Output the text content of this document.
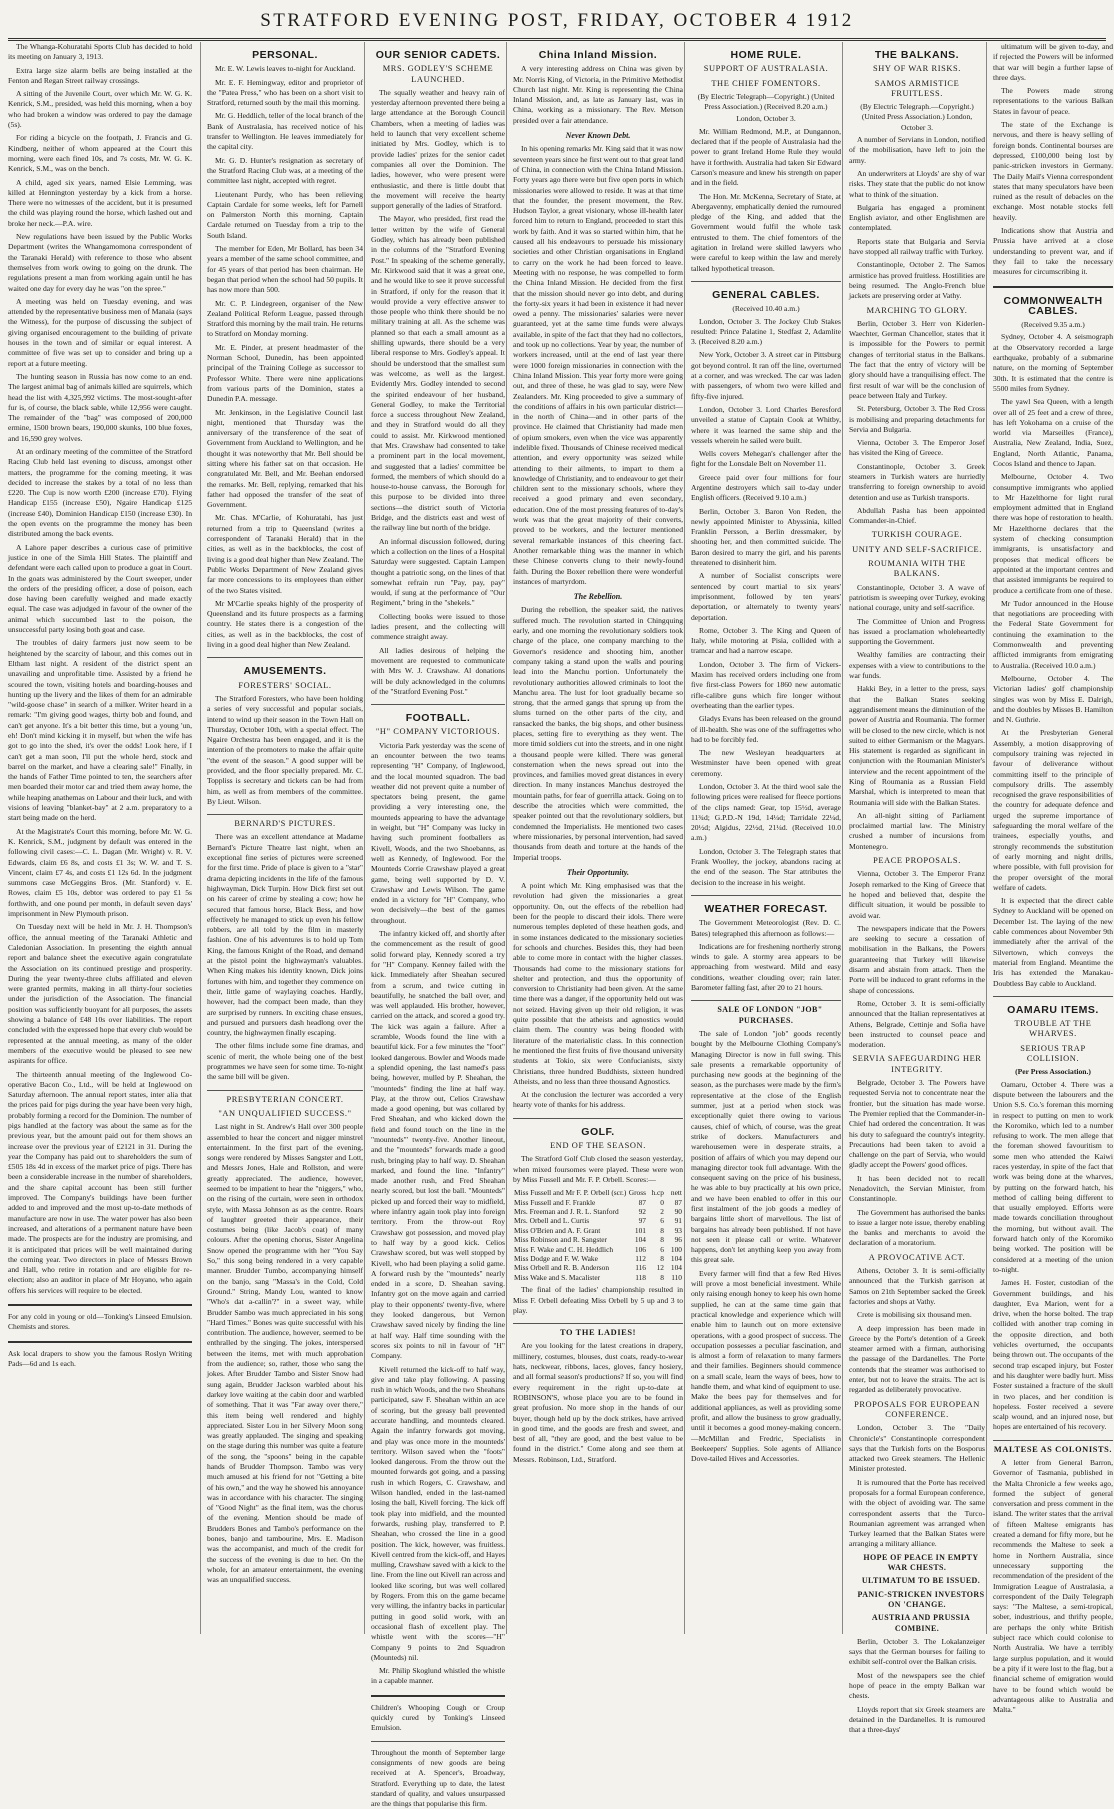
STRATFORD EVENING POST, FRIDAY, OCTOBER 4 1912

The Whanga-Kohuratahi Sports Club has decided to hold its meeting on January 3, 1913.

Extra large size alarm bells are being installed at the Fenton and Regan Street railway crossings.

A sitting of the Juvenile Court, over which Mr. W. G. K. Kenrick, S.M., presided, was held this morning, when a boy who had broken a window was ordered to pay the damage (5s).

For riding a bicycle on the footpath, J. Francis and G. Kindberg, neither of whom appeared at the Court this morning, were each fined 10s, and 7s costs, Mr. W. G. K. Kenrick, S.M., was on the bench.

A child, aged six years, named Elsie Lemming, was killed at Hennington yesterday by a kick from a horse. There were no witnesses of the accident, but it is presumed the child was playing round the horse, which lashed out and broke her neck.—P.A. wire.

New regulations have been issued by the Public Works Department (writes the Whangamomona correspondent of the Taranaki Herald) with reference to those who absent themselves from work owing to going on the drunk. The regulations present a man from working again until he has waited one day for every day he was "on the spree."

A meeting was held on Tuesday evening, and was attended by the representative business men of Manaia (says the Witness), for the purpose of discussing the subject of giving organised encouragement to the building of private houses in the town and of similar or equal interest. A committee of five was set up to consider and bring up a report at a future meeting.

The hunting season in Russia has now come to an end. The largest animal bag of animals killed are squirrels, which head the list with 4,325,992 victims. The most-sought-after fur is, of course, the black sable, while 12,956 were caught. The remainder of the "bag" was composed of 200,000 ermine, 1500 brown bears, 190,000 skunks, 100 blue foxes, and 16,590 grey wolves.

At an ordinary meeting of the committee of the Stratford Racing Club held last evening to discuss, amongst other matters, the programme for the coming meeting, it was decided to increase the stakes by a total of no less than £220. The Cup is now worth £200 (increase £70). Flying Handicap £155 (increase £50), Ngaire Handicap £125 (increase £40), Dominion Handicap £150 (increase £30). In the open events on the programme the money has been distributed among the back events.

A Lahore paper describes a curious case of primitive justice in one of the Simla Hill States. The plaintiff and defendant were each called upon to produce a goat in Court. In the goats was administered by the Court sweeper, under the orders of the presiding officer, a dose of poison, each dose having been carefully weighed and made exactly equal. The case was adjudged in favour of the owner of the animal which succumbed last to the poison, the unsuccessful party losing both goat and case.

The troubles of dairy farmers just now seem to be heightened by the scarcity of labour, and this comes out in Eltham last night. A resident of the district spent an unavailing and unprofitable time. Assisted by a friend he scoured the town, visiting hotels and boarding-houses and hunting up the livery and the likes of them for an admirable "wild-goose chase" in search of a milker. Writer heard in a remark: "I'm giving good wages, thirty bob and found, and can't get anyone. It's a bit better this time, but a young 'un, eh! Don't mind kicking it in myself, but when the wife has got to go into the shed, it's over the odds! Look here, if I can't get a man soon, I'll put the whole herd, stock and barrel on the market, and have a clearing sale!" Finally, in the hands of Father Time pointed to ten, the searchers after men boarded their motor car and tried them away home, the while heaping anathemas on Labour and their luck, and with visions of leaving "blanket-bay" at 2 a.m. preparatory to a start being made on the herd.

At the Magistrate's Court this morning, before Mr. W. G. K. Kenrick, S.M., judgment by default was entered in the following civil cases:—C. L. Dagan (Mr. Wright) v. R. V. Edwards, claim £6 8s, and costs £1 3s; W. W. and T. S. Vincent, claim £7 4s, and costs £1 12s 6d. In the judgment summons case McGeggins Bros. (Mr. Stanford) v. E. Rowes, claim £5 10s, debtor was ordered to pay £1 5s forthwith, and one pound per month, in default seven days' imprisonment in New Plymouth prison.

On Tuesday next will be held in Mr. J. H. Thompson's office, the annual meeting of the Taranaki Athletic and Caledonian Association. In presenting the eighth annual report and balance sheet the executive again congratulate the Association on its continued prestige and prosperity. During the year twenty-three clubs affiliated and eleven were granted permits, making in all thirty-four societies under the jurisdiction of the Association. The financial position was sufficiently buoyant for all purposes, the assets showing a balance of £48 10s over liabilities. The report concluded with the expressed hope that every club would be represented at the annual meeting, as many of the older members of the executive would be pleased to see new aspirants for office.

The thirteenth annual meeting of the Inglewood Co-operative Bacon Co., Ltd., will be held at Inglewood on Saturday afternoon. The annual report states, inter alia that the prices paid for pigs during the year have been very high, probably forming a record for the Dominion. The number of pigs handled at the factory was about the same as for the previous year, but the amount paid out for them shows an increase over the previous year of £2121 in 31. During the year the Company has paid out to shareholders the sum of £505 18s 4d in excess of the market price of pigs. There has been a considerable increase in the number of shareholders, and the share capital account has been still further improved. The Company's buildings have been further added to and improved and the most up-to-date methods of manufacture are now in use. The water power has also been increased, and alterations of a permanent nature have been made. The prospects are for the industry are promising, and it is anticipated that prices will be well maintained during the coming year. Two directors in place of Messrs Brown and Hall, who retire in rotation and are eligible for re-election; also an auditor in place of Mr Hoyano, who again offers his services will require to be elected.

For any cold in young or old—Tonking's Linseed Emulsion. Chemists and stores.

Ask local drapers to show you the famous Roslyn Writing Pads—6d and 1s each.

PERSONAL.

Mr. E. W. Lewis leaves to-night for Auckland.

Mr. E. F. Hemingway, editor and proprietor of the "Patea Press," who has been on a short visit to Stratford, returned south by the mail this morning.

Mr. G. Heddlich, teller of the local branch of the Bank of Australasia, has received notice of his transfer to Wellington. He leaves immediately for the capital city.

Mr. G. D. Hunter's resignation as secretary of the Stratford Racing Club was, at a meeting of the committee last night, accepted with regret.

Lieutenant Purdy, who has been relieving Captain Cardale for some weeks, left for Parnell on Palmerston North this morning. Captain Cardale returned on Tuesday from a trip to the South Island.

The member for Eden, Mr Bollard, has been 34 years a member of the same school committee, and for 45 years of that period has been chairman. He began that period when the school had 50 pupils. It has now more than 500.

Mr. C. P. Lindegreen, organiser of the New Zealand Political Reform League, passed through Stratford this morning by the mail train. He returns to Stratford on Monday morning.

Mr. E. Pinder, at present headmaster of the Norman School, Dunedin, has been appointed principal of the Training College as successor to Professor White. There were nine applications from various parts of the Dominion, states a Dunedin P.A. message.

Mr. Jenkinson, in the Legislative Council last night, mentioned that Thursday was the anniversary of the transference of the seat of Government from Auckland to Wellington, and he thought it was noteworthy that Mr. Bell should be sitting where his father sat on that occasion. He congratulated Mr. Bell, and Mr. Beehan endorsed the remarks. Mr. Bell, replying, remarked that his father had opposed the transfer of the seat of Government.

Mr. Chas. M'Carlie, of Kohuratahi, has just returned from a trip to Queensland (writes a correspondent of Taranaki Herald) that in the cities, as well as in the backblocks, the cost of living is a good deal higher than New Zealand. The Public Works Department of New Zealand gives far more concessions to its employees than either of the two States visited.

Mr M'Carlie speaks highly of the prosperity of Queensland and its future prospects as a farming country. He states there is a congestion of the cities, as well as in the backblocks, the cost of living in a good deal higher than New Zealand.

AMUSEMENTS.
FORESTERS' SOCIAL.

The Stratford Foresters, who have been holding a series of very successful and popular socials, intend to wind up their season in the Town Hall on Thursday, October 10th, with a special effect. The Ngaire Orchestra has been engaged, and it is the intention of the promoters to make the affair quite "the event of the season." A good supper will be provided, and the floor specially prepared. Mr. C. Toppliss is secretary and tickets can be had from him, as well as from members of the committee. By Lieut. Wilson.

BERNARD'S PICTURES.

There was an excellent attendance at Madame Bernard's Picture Theatre last night, when an exceptional fine series of pictures were screened for the first time. Pride of place is given to a "star" drama depicting incidents in the life of the famous highwayman, Dick Turpin. How Dick first set out on his career of crime by stealing a cow; how he secured that famous horse, Black Bess, and how effectively he managed to stick up even his fellow robbers, are all told by the film in masterly fashion. One of his adventures is to hold up Tom King, the famous Knight of the Road, and demand at the pistol point the highwayman's valuables. When King makes his identity known, Dick joins fortunes with him, and together they commence on their, little game of waylaying coaches. Hardly, however, had the compact been made, than they are surprised by runners. In exciting chase ensues, and pursued and pursuers dash headlong over the country, the highwaymen finally escaping.

The other films include some fine dramas, and scenic of merit, the whole being one of the best programmes we have seen for some time. To-night the same bill will be given.

PRESBYTERIAN CONCERT.
"AN UNQUALIFIED SUCCESS."

Last night in St. Andrew's Hall over 300 people assembled to hear the concert and nigger minstrel entertainment. In the first part of the evening, songs were rendered by Misses Sangster and Lott, and Messrs Jones, Hale and Rollston, and were greatly appreciated. The audience, however, seemed to be impatient to hear the "niggers," who, on the rising of the curtain, were seen in orthodox style, with Massa Johnson as as the centre. Roars of laughter greeted their appearance, their costumes being (like Jacob's coat) of many colours. After the opening chorus, Sister Angelina Snow opened the programme with her "You Say So," this song being rendered in a very capable manner. Brudder Tumbo, accompanying himself on the banjo, sang "Massa's in the Cold, Cold Ground." String, Mandy Lou, wanted to know "Who's dat a-callin'?" in a sweet way, while Brudder Sambo was much appreciated in his song "Hard Times." Bones was quite successful with his contribution. The audience, however, seemed to be enthralled by the singing. The jokes, interspersed between the items, met with much approbation from the audience; so, rather, those who sang the jokes. After Brudder Tambo and Sister Snow had sung again, Brudder Jackson warbled about his darkey love waiting at the cabin door and warbled of something. That it was "Far away over there," this item being well rendered and highly appreciated. Sister Lou in her Silvery Moon song was greatly applauded. The singing and speaking on the stage during this number was quite a feature of the song, the "spoons" being in the capable hands of Brudder Thompson. Tambo was very much amused at his friend for not "Getting a bite of his own," and the way he showed his annoyance was in accordance with his character. The singing of "Good Night" as the final item, was the chorus of the evening. Mention should be made of Brudders Bones and Tambo's performance on the bones, banjo and tambourine, Mrs. E. Madison was the accompanist, and much of the credit for the success of the evening is due to her. On the whole, for an amateur entertainment, the evening was an unqualified success.

OUR SENIOR CADETS.
MRS. GODLEY'S SCHEME LAUNCHED.

The squally weather and heavy rain of yesterday afternoon prevented there being a large attendance at the Borough Council Chambers, when a meeting of ladies was held to launch that very excellent scheme initiated by Mrs. Godley, which is to provide ladies' prizes for the senior cadet companies all over the Dominion. The ladies, however, who were present were enthusiastic, and there is little doubt that the movement will receive the hearty support generally of the ladies of Stratford.

The Mayor, who presided, first read the letter written by the wife of General Godley, which has already been published in the columns of the "Stratford Evening Post." In speaking of the scheme generally, Mr. Kirkwood said that it was a great one, and he would like to see it prove successful in Stratford, if only for the reason that it would provide a very effective answer to those people who think there should be no military training at all. As the scheme was planned so that each a small amount as a shilling upwards, there should be a very liberal response to Mrs. Godley's appeal. It should be understood that the smallest sum was welcome, as well as the largest. Evidently Mrs. Godley intended to second the spirited endeavour of her husband, General Godley, to make the Territorial force a success throughout New Zealand, and they in Stratford would do all they could to assist. Mr. Kirkwood mentioned that Mrs. Crawshaw had consented to take a prominent part in the local movement, and suggested that a ladies' committee be formed, the members of which should do a house-to-house canvass, the Borough for this purpose to be divided into three sections—the district south of Victoria Bridge, and the districts east and west of the railway line but north of the bridge.

An informal discussion followed, during which a collection on the lines of a Hospital Saturday were suggested. Captain Lampen thought a patriotic song, on the lines of that somewhat refrain run "Pay, pay, pay" would, if sung at the performance of "Our Regiment," bring in the "shekels."

Collecting books were issued to those ladies present, and the collecting will commence straight away.

All ladies desirous of helping the movement are requested to communicate with Mrs W. J. Crawshaw. Al donations will be duly acknowledged in the columns of the "Stratford Evening Post."

FOOTBALL.
"H" COMPANY VICTORIOUS.

Victoria Park yesterday was the scene of an encounter between the two teams representing "H" Company, of Inglewood, and the local mounted squadron. The bad weather did not prevent quite a number of spectators being present, the game providing a very interesting one, the mounteds appearing to have the advantage in weight, but "H" Company was lucky in having such prominent footballers as Kivell, Woods, and the two Shoebanns, as well as Kennedy, of Inglewood. For the Mounteds Corrie Crawshaw played a great game, being well supported by D. V. Crawshaw and Lewis Wilson. The game ended in a victory for "H" Company, who won decisively—the best of the games throughout.

The infantry kicked off, and shortly after the commencement as the result of good solid forward play, Kennedy scored a try for "H" Company. Kenney failed with the kick. Immediately after Sheahan secured from a scrum, and twice cutting in beautifully, he snatched the ball over, and was well applauded. His brother, however, carried on the attack, and scored a good try. The kick was again a failure. After a scramble, Woods found the line with a beautiful kick. For a few minutes the "foot" looked dangerous. Bowler and Woods made a splendid opening, the last named's pass being, however, mulled by P. Sheahan, the "mounteds" finding the line at half way. Play, at the throw out, Celios Crawshaw made a good opening, but was collared by Fred Sheahan, and who kicked down the field and found touch on the line in the "mounteds'" twenty-five. Another lineout, and the "mounteds" forwards made a good rush, bringing play to half way. D. Sheahan marked, and found the line. "Infantry" made another rush, and Fred Sheahan nearly scored, but lost the ball. "Mounteds" picked up and forced their way to midfield, where infantry again took play into foreign territory. From the throw-out Roy Crawshaw got possession, and moved play to half way by a good kick. Celios Crawshaw scored, but was well stopped by Kivell, who had been playing a solid game. A forward rush by the "mounteds" nearly ended in a score, D. Sheahan saving. Infantry got on the move again and carried play to their opponents' twenty-five, where they looked dangerous, but Vernon Crawshaw saved nicely by finding the line at half way. Half time sounding with the scores six points to nil in favour of "H" Company.

Kivell returned the kick-off to half way, give and take play following. A passing rush in which Woods, and the two Sheahans participated, saw F. Sheahan within an ace of scoring, but the greasy ball prevented accurate handling, and mounteds cleared. Again the infantry forwards got moving, and play was once more in the mounteds' territory. Wilson saved when the "foots" looked dangerous. From the throw out the mounted forwards got going, and a passing rush in which Rogers, C. Crawshaw, and Wilson handled, ended in the last-named losing the ball, Kivell forcing. The kick off took play into midfield, and the mounted forwards, rushing play, transferred to P. Sheahan, who crossed the line in a good position. The kick, however, was fruitless. Kivell centred from the kick-off, and Hayes mulling, Crawshaw saved with a kick to the line. From the line out Kivell ran across and looked like scoring, but was well collared by Rogers. From this on the game became very willing, the infantry backs in particular putting in good solid work, with an occasional flash of excellent play. The whistle went with the scores—"H" Company 9 points to 2nd Squadron (Mounteds) nil.

Mr. Philip Skoglund whistled the whistle in a capable manner.

Children's Whooping Cough or Croup quickly cured by Tonking's Linseed Emulsion.

Throughout the month of September large consignments of new goods are being received at A. Spencer's, Broadway, Stratford. Everything up to date, the latest standard of quality, and values unsurpassed are the things that popularise this firm.

China Inland Mission.

A very interesting address on China was given by Mr. Norris King, of Victoria, in the Primitive Methodist Church last night. Mr. King is representing the China Inland Mission, and, as late as January last, was in China, working as a missionary. The Rev. Metson presided over a fair attendance.

Never Known Debt.

In his opening remarks Mr. King said that it was now seventeen years since he first went out to that great land of China, in connection with the China Inland Mission. Forty years ago there were but five open ports in which missionaries were allowed to reside. It was at that time that the founder, the present movement, the Rev. Hudson Taylor, a great visionary, whose ill-health later forced him to return to England, proceeded to start this work by faith. And it was so started within him, that he caused all his endeavours to persuade his missionary societies and other Christian organisations in England to carry on the work he had been forced to leave. Meeting with no response, he was compelled to form the China Inland Mission. He decided from the first that the mission should never go into debt, and during the forty-six years it had been in existence it had never owed a penny. The missionaries' salaries were never guaranteed, yet at the same time funds were always available, in spite of the fact that they had no collectors, and took up no collections. Year by year, the number of workers increased, until at the end of last year there were 1000 foreign missionaries in connection with the China Inland Mission. This year forty more were going out, and three of these, he was glad to say, were New Zealanders. Mr. King proceeded to give a summary of the conditions of affairs in his own particular district—in the north of China—and in other parts of the province. He claimed that Christianity had made men of opium smokers, even when the vice was apparently indelible fixed. Thousands of Chinese received medical attention, and every opportunity was seized while attending to their ailments, to impart to them a knowledge of Christianity, and to endeavour to get their children sent to the missionary schools, where they received a good primary and even secondary, education. One of the most pressing features of to-day's work was that the great majority of their converts, proved to be workers, and the lecturer mentioned several remarkable instances of this cheering fact. Another remarkable thing was the manner in which these Chinese converts clung to their newly-found faith. During the Boxer rebellion there were wonderful instances of martyrdom.

The Rebellion.

During the rebellion, the speaker said, the natives suffered much. The revolution started in Chingquing early, and one morning the revolutionary soldiers took charge of the place, one company marching to the Governor's residence and shooting him, another company taking a stand upon the walls and pouring lead into the Manchu portion. Unfortunately the revolutionary authorities allowed criminals to loot the Manchu area. The lust for loot gradually became so strong, that the armed gangs that sprung up from the slums turned on the other parts of the city, and ransacked the banks, the big shops, and other business places, setting fire to everything as they went. The more timid soldiers cut into the streets, and in one night a thousand people were killed. There was general consternation when the news spread out into the provinces, and families moved great distances in every direction. In many instances Manchus destroyed the mountain paths, for fear of guerrilla attack. Going on to describe the atrocities which were committed, the speaker pointed out that the revolutionary soldiers, but condemned the Imperialists. He mentioned two cases where missionaries, by personal intervention, had saved thousands from death and torture at the hands of the Imperial troops.

Their Opportunity.

A point which Mr. King emphasised was that the revolution had given the missionaries a great opportunity. On, out the effects of the rebellion had been for the people to discard their idols. There were numerous temples depleted of these heathen gods, and in some instances dedicated to the missionary societies for schools and churches. Besides this, they had been able to come more in contact with the higher classes. Thousands had come to the missionary stations for shelter and protection, and thus the opportunity of conversion to Christianity had been given. At the same time there was a danger, if the opportunity held out was not seized. Having given up their old religion, it was quite possible that the atheists and agnostics would claim them. The country was being flooded with literature of the materialistic class. In this connection he mentioned the first fruits of five thousand university students at Tokio, six were Confucianists, sixty Christians, three hundred Buddhists, sixteen hundred Atheists, and no less than three thousand Agnostics.

At the conclusion the lecturer was accorded a very hearty vote of thanks for his address.

GOLF.
END OF THE SEASON.

The Stratford Golf Club closed the season yesterday, when mixed foursomes were played. These were won by Miss Fussell and Mr. F. P. Orbell. Scores:—

Miss Fussell and Mr F. P. Orbell (scr.)	Gross	h.cp	nett
Miss Fussell and F. Frankle	87	0	87
Mrs. Freeman and J. R. L. Stanford	92	2	90
Mrs. Orbell and L. Curtis	97	6	91
Miss O'Brien and A. F. Grant	101	8	93
Miss Robinson and R. Sangster	104	8	96
Miss F. Wake and C. H. Heddlich	106	6	100
Miss Dodge and F. W. Wake	112	8	104
Miss Orbell and R. B. Anderson	116	12	104
Miss Wake and S. Macalister	118	8	110

The final of the ladies' championship resulted in Miss F. Orbell defeating Miss Orbell by 5 up and 3 to play.

TO THE LADIES!

Are you looking for the latest creations in drapery, millinery, costumes, blouses, dust coats, ready-to-wear hats, neckwear, ribbons, laces, gloves, fancy hosiery, and all formal season's productions? If so, you will find every requirement in the right up-to-date at ROBINSON'S, whose place you are to be found in great profusion. No more shop in the hands of our buyer, though held up by the dock strikes, have arrived in good time, and the goods are fresh and sweet, and best of all, "they are good, and the best value to be found in the district." Come along and see them at Messrs. Robinson, Ltd., Stratford.

HOME RULE.
SUPPORT OF AUSTRALASIA.
THE CHIEF FOMENTORS.

(By Electric Telegraph—Copyright.) (United Press Association.) (Received 8.20 a.m.)

London, October 3.

Mr. William Redmond, M.P., at Dungannon, declared that if the people of Australasia had the power to grant Ireland Home Rule they would have it forthwith. Australia had taken Sir Edward Carson's measure and knew his strength on paper and in the field.

The Hon. Mr. McKenna, Secretary of State, at Abergavenny, emphatically denied the rumoured pledge of the King, and added that the Government would fulfil the whole task entrusted to them. The chief fomentors of the agitation in Ireland were skilled lawyers who were careful to keep within the law and merely talked hypothetical treason.

GENERAL CABLES.

(Received 10.40 a.m.)

London, October 3. The Jockey Club Stakes resulted: Prince Palatine 1, Stedfast 2, Adamlite 3. (Received 8.20 a.m.)

New York, October 3. A street car in Pittsburg got beyond control. It ran off the line, overturned at a corner, and was wrecked. The car was laden with passengers, of whom two were killed and fifty-five injured.

London, October 3. Lord Charles Beresford unveiled a statue of Captain Cook at Whitby, where it was learned the same ship and the vessels wherein he sailed were built.

Wells covers Mehegan's challenger after the fight for the Lonsdale Belt on November 11.

Greece paid over four millions for four Argentine destroyers which sail to-day under English officers. (Received 9.10 a.m.)

Berlin, October 3. Baron Von Reden, the newly appointed Minister to Abyssinia, killed Franklin Persson, a Berlin dressmaker, by shooting her, and then committed suicide. The Baron desired to marry the girl, and his parents threatened to disinherit him.

A number of Socialist conscripts were sentenced by court martial to six years' imprisonment, followed by ten years' deportation, or alternately to twenty years' deportation.

Rome, October 3. The King and Queen of Italy, while motoring at Pisia, collided with a tramcar and had a narrow escape.

London, October 3. The firm of Vickers-Maxim has received orders including one from five first-class Powers for 1860 new automatic rifle-calibre guns which fire longer without overheating than the earlier types.

Gladys Evans has been released on the ground of ill-health. She was one of the suffragettes who had to be forcibly fed.

The new Wesleyan headquarters at Westminster have been opened with great ceremony.

London, October 3. At the third wool sale the following prices were realised for fleece portions of the clips named: Gear, top 15½d, average 11¾d; G.P.D.-N 19d, 14¼d; Tarridale 22¼d, 20½d; Algidus, 22½d, 21¼d. (Received 10.0 a.m.)

London, October 3. The Telegraph states that Frank Woolley, the jockey, abandons racing at the end of the season. The Star attributes the decision to the increase in his weight.

WEATHER FORECAST.

The Government Meteorologist (Rev. D. C. Bates) telegraphed this afternoon as follows:—

Indications are for freshening northerly strong winds to gale. A stormy area appears to be approaching from westward. Mild and easy conditions, weather clouding over; rain later. Barometer falling fast, after 20 to 21 hours.

SALE OF LONDON "JOB" PURCHASES.

The sale of London "job" goods recently bought by the Melbourne Clothing Company's Managing Director is now in full swing. This sale presents a remarkable opportunity of purchasing new goods at the beginning of the season, as the purchases were made by the firm's representative at the close of the English summer, just at a period when stock was exceptionally quiet there owing to various causes, chief of which, of course, was the great strike of dockers. Manufacturers and warehousemen were in desperate straits, a position of affairs of which you may depend our managing director took full advantage. With the consequent saving on the price of his business, he was able to buy practically at his own price, and we have been enabled to offer in this our first instalment of the job goods a medley of bargains little short of marvellous. The list of bargains has already been published. If not have not seen it please call or write. Whatever happens, don't let anything keep you away from this great sale.

Every farmer will find that a few Red Hives will prove a most beneficial investment. While only raising enough honey to keep his own home supplied, he can at the same time gain that practical knowledge and experience which will enable him to launch out on more extensive operations, with a good prospect of success. The occupation possesses a peculiar fascination, and is almost a form of relaxation to many farmers and their families. Beginners should commence on a small scale, learn the ways of bees, how to handle them, and what kind of equipment to use. Make the bees pay for themselves and for additional appliances, as well as providing some profit, and allow the business to grow gradually, until it becomes a good money-making concern.—McMillan and Fredric, Specialists in Beekeepers' Supplies. Sole agents of Alliance Dove-tailed Hives and Accessories.

THE BALKANS.
SHY OF WAR RISKS.
SAMOS ARMISTICE FRUITLESS.

(By Electric Telegraph.—Copyright.) (United Press Association.) London, October 3.

A number of Servians in London, notified of the mobilisation, have left to join the army.

An underwriters at Lloyds' are shy of war risks. They state that the public do not know what to think of the situation.

Bulgaria has engaged a prominent English aviator, and other Englishmen are contemplated.

Reports state that Bulgaria and Servia have stopped all railway traffic with Turkey.

Constantinople, October 2. The Samos armistice has proved fruitless. Hostilities are being resumed. The Anglo-French blue jackets are preserving order at Vathy.

MARCHING TO GLORY.

Berlin, October 3. Herr von Kiderlen-Waechter, German Chancellor, states that it is impossible for the Powers to permit changes of territorial status in the Balkans. The fact that the entry of victory will be glory should have a tranquilising effect. The first result of war will be the conclusion of peace between Italy and Turkey.

St. Petersburg, October 3. The Red Cross is mobilising and preparing detachments for Servia and Bulgaria.

Vienna, October 3. The Emperor Josef has visited the King of Greece.

Constantinople, October 3. Greek steamers in Turkish waters are hurriedly transferring to foreign ownership to avoid detention and use as Turkish transports.

Abdullah Pasha has been appointed Commander-in-Chief.

TURKISH COURAGE.
UNITY AND SELF-SACRIFICE.
ROUMANIA WITH THE BALKANS.

Constantinople, October 3. A wave of patriotism is sweeping over Turkey, evoking national courage, unity and self-sacrifice.

The Committee of Union and Progress has issued a proclamation wholeheartedly supporting the Government.

Wealthy families are contracting their expenses with a view to contributions to the war funds.

Hakki Bey, in a letter to the press, says that the Balkan States seeking aggrandisement means the diminution of the power of Austria and Roumania. The former will be closed to the new circle, which is not suited to either Germanism or the Magyars. His statement is regarded as significant in conjunction with the Roumanian Minister's interview and the recent appointment of the King of Roumania as a Russian Field Marshal, which is interpreted to mean that Roumania will side with the Balkan States.

An all-night sitting of Parliament proclaimed martial law. The Ministry crushed a number of incursions from Montenegro.

PEACE PROPOSALS.

Vienna, October 3. The Emperor Franz Joseph remarked to the King of Greece that he hoped and believed that, despite the difficult situation, it would be possible to avoid war.

The newspapers indicate that the Powers are seeking to secure a cessation of mobilisation in the Balkans, the Powers guaranteeing that Turkey will likewise disarm and abstain from attack. Then the Porte will be induced to grant reforms in the shape of concessions.

Rome, October 3. It is semi-officially announced that the Italian representatives at Athens, Belgrade, Cettinje and Sofia have been instructed to counsel peace and moderation.

SERVIA SAFEGUARDING HER INTEGRITY.

Belgrade, October 3. The Powers have requested Servia not to concentrate near the frontier, but the situation has made worse. The Premier replied that the Commander-in-Chief had ordered the concentration. It was his duty to safeguard the country's integrity. Precautions had been taken to avoid a challenge on the part of Servia, who would gladly accept the Powers' good offices.

It has been decided not to recall Nenadovitch, the Servian Minister, from Constantinople.

The Government has authorised the banks to issue a larger note issue, thereby enabling the banks and merchants to avoid the declaration of a moratorium.

A PROVOCATIVE ACT.

Athens, October 3. It is semi-officially announced that the Turkish garrison at Samos on 21th September sacked the Greek factories and shops at Vathy.

Crete is mobilising six thousand men.

A deep impression has been made in Greece by the Porte's detention of a Greek steamer armed with a firman, authorising the passage of the Dardanelles. The Porte contends that the steamer was authorised to enter, but not to leave the straits. The act is regarded as deliberately provocative.

PROPOSALS FOR EUROPEAN CONFERENCE.

London, October 3. The "Daily Chronicle's" Constantinople correspondent says that the Turkish forts on the Bosporus attacked two Greek steamers. The Hellenic Minister protested.

It is rumoured that the Porte has received proposals for a formal European conference, with the object of avoiding war. The same correspondent asserts that the Turco-Roumanian agreement was arranged when Turkey learned that the Balkan States were arranging a military alliance.

HOPE OF PEACE IN EMPTY WAR CHESTS.

ULTIMATUM TO BE ISSUED.

PANIC-STRICKEN INVESTORS ON 'CHANGE.

AUSTRIA AND PRUSSIA COMBINE.

Berlin, October 3. The Lokalanzeiger says that the German bourses for failing to exhibit self-control over the Balkan crisis.

Most of the newspapers see the chief hope of peace in the empty Balkan war chests.

Lloyds report that six Greek steamers are detained in the Dardanelles. It is rumoured that a three-days'

ultimatum will be given to-day, and if rejected the Powers will be informed that war will begin a further lapse of three days.

The Powers made strong representations to the various Balkan States in favour of peace.

The state of the Exchange is nervous, and there is heavy selling of foreign bonds. Continental bourses are depressed, £100,000 being lost by panic-stricken investors in Germany. The Daily Mail's Vienna correspondent states that many speculators have been ruined as the result of debacles on the exchange. Most notable stocks fell heavily.

Indications show that Austria and Prussia have arrived at a close understanding to prevent war, and if they fail to take the necessary measures for circumscribing it.

COMMONWEALTH CABLES.

(Received 9.35 a.m.)

Sydney, October 4. A seismograph at the Observatory recorded a large earthquake, probably of a submarine nature, on the morning of September 30th. It is estimated that the centre is 5500 miles from Sydney.

The yawl Sea Queen, with a length over all of 25 feet and a crew of three, has left Yokohama on a cruise of the world via Marseilles (France), Australia, New Zealand, India, Suez, England, North Atlantic, Panama, Cocos Island and thence to Japan.

Melbourne, October 4. Two consumptive immigrants who applied to Mr Hazelthorne for light rural employment admitted that in England there was hope of restoration to health. Mr Hazelthorne declares that the system of checking consumption immigrants, is unsatisfactory and proposes that medical officers be appointed at the important centres and that assisted immigrants be required to produce a certificate from one of these.

Mr Tudor announced in the House that negotiations are proceeding with the Federal State Government for continuing the examination to the Commonwealth and preventing afflicted immigrants from emigrating to Australia. (Received 10.0 a.m.)

Melbourne, October 4. The Victorian ladies' golf championship singles was won by Miss E. Dalrigh, and the doubles by Misses B. Hamilton and N. Guthrie.

At the Presbyterian General Assembly, a motion disapproving of compulsory training was rejected in favour of deliverance without committing itself to the principle of compulsory drills. The assembly recognised the grave responsibilities of the country for adequate defence and urged the supreme importance of safeguarding the moral welfare of the trainees, especially youths, and strongly recommends the substitution of early morning and night drills, where possible, with full provision for the proper oversight of the moral welfare of cadets.

It is expected that the direct cable Sydney to Auckland will be opened on December 1st. The laying of the new cable commences about November 9th immediately after the arrival of the Silvertown, which conveys the material from England. Meantime the Iris has extended the Manakau-Doubtless Bay cable to Auckland.

OAMARU ITEMS.
TROUBLE AT THE WHARVES.
SERIOUS TRAP COLLISION.

(Per Press Association.)

Oamaru, October 4. There was a dispute between the labourers and the Union S.S. Co.'s foreman this morning in respect to putting on men to work the Koromiko, which led to a number refusing to work. The men allege that the foreman showed favouritism to some men who attended the Kaiwi races yesterday, in spite of the fact that work was being done at the wharves, by putting on the forward hatch, his method of calling being different to that usually employed. Efforts were made towards conciliation throughout the morning, but without avail. The forward hatch only of the Koromiko being worked. The position will be considered at a meeting of the union to-night.

James H. Foster, custodian of the Government buildings, and his daughter, Eva Marion, went for a drive, when the horse bolted. The trap collided with another trap coming in the opposite direction, and both vehicles overturned, the occupants being thrown out. The occupants of the second trap escaped injury, but Foster and his daughter were badly hurt. Miss Foster sustained a fracture of the skull in two places, and her condition is hopeless. Foster received a severe scalp wound, and an injured nose, but hopes are entertained of his recovery.

MALTESE AS COLONISTS.

A letter from General Barron, Governor of Tasmania, published in the Malta Chronicle a few weeks ago, formed the subject of general conversation and press comment in the island. The writer states that the arrival of fifteen Maltese emigrants has created a demand for fifty more, but he recommends the Maltese to seek a home in Northern Australia, since unnecessary supporting the recommendation of the president of the Immigration League of Australasia, a correspondent of the Daily Telegraph says: "The Maltese, a semi-tropical, sober, industrious, and thrifty people, are perhaps the only white British subject race which could colonise to North Australia. We have a terribly large surplus population, and it would be a pity if it were lost to the flag, but a financial scheme of emigration would have to be found which would be advantageous alike to Australia and Malta."
